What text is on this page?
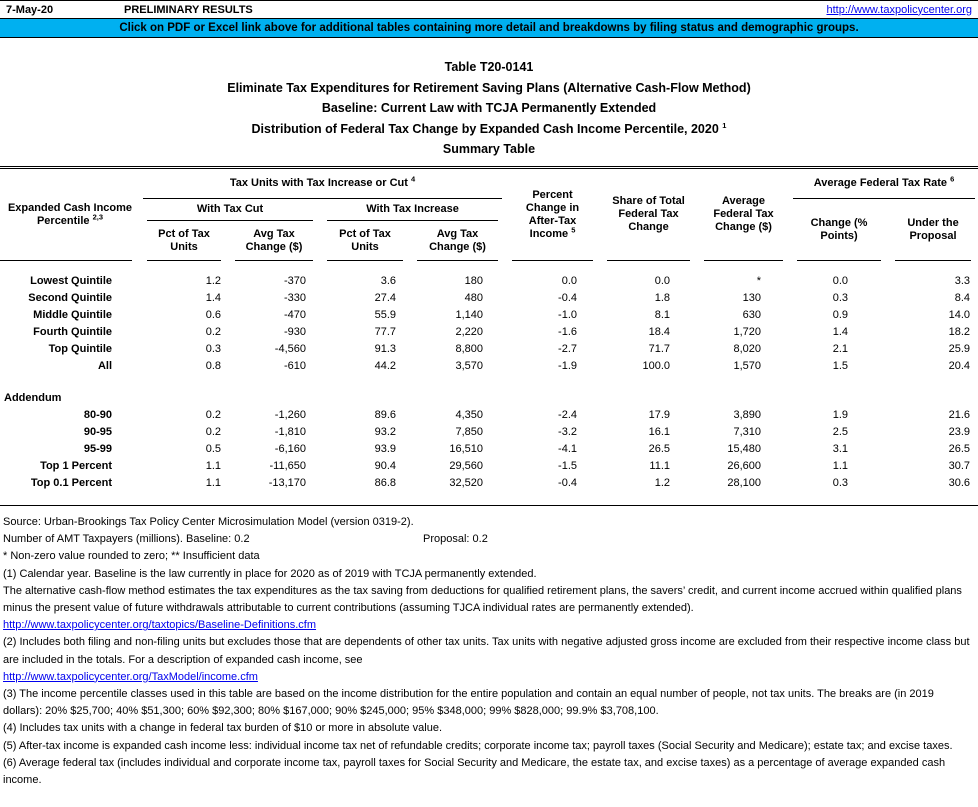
7-May-20	PRELIMINARY RESULTS	http://www.taxpolicycenter.org
Click on PDF or Excel link above for additional tables containing more detail and breakdowns by filing status and demographic groups.
Table T20-0141
Eliminate Tax Expenditures for Retirement Saving Plans (Alternative Cash-Flow Method)
Baseline: Current Law with TCJA Permanently Extended
Distribution of Federal Tax Change by Expanded Cash Income Percentile, 2020 $^1$
Summary Table
Expanded Cash Income Percentile $^{2,3}$	Tax Units with Tax Increase or Cut $^4$				Percent Change in After-Tax Income $^5$	Share of Total Federal Tax Change	Average Federal Tax Change ($)	Average Federal Tax Rate $^6$
	With Tax Cut		With Tax Increase					Change (% Points)	Under the Proposal
	Pct of Tax Units	Avg Tax Change ($)	Pct of Tax Units	Avg Tax Change ($)					
Lowest Quintile	1.2	-370	3.6	180	0.0	0.0	*	0.0	3.3
Second Quintile	1.4	-330	27.4	480	-0.4	1.8	130	0.3	8.4
Middle Quintile	0.6	-470	55.9	1,140	-1.0	8.1	630	0.9	14.0
Fourth Quintile	0.2	-930	77.7	2,220	-1.6	18.4	1,720	1.4	18.2
Top Quintile	0.3	-4,560	91.3	8,800	-2.7	71.7	8,020	2.1	25.9
All	0.8	-610	44.2	3,570	-1.9	100.0	1,570	1.5	20.4

Addendum									
80-90	0.2	-1,260	89.6	4,350	-2.4	17.9	3,890	1.9	21.6
90-95	0.2	-1,810	93.2	7,850	-3.2	16.1	7,310	2.5	23.9
95-99	0.5	-6,160	93.9	16,510	-4.1	26.5	15,480	3.1	26.5
Top 1 Percent	1.1	-11,650	90.4	29,560	-1.5	11.1	26,600	1.1	30.7
Top 0.1 Percent	1.1	-13,170	86.8	32,520	-0.4	1.2	28,100	0.3	30.6

Source: Urban-Brookings Tax Policy Center Microsimulation Model (version 0319-2).
Number of AMT Taxpayers (millions). Baseline: 0.2	Proposal: 0.2
* Non-zero value rounded to zero; ** Insufficient data
(1) Calendar year. Baseline is the law currently in place for 2020 as of 2019 with TCJA permanently extended.
The alternative cash-flow method estimates the tax expenditures as the tax saving from deductions for qualified retirement plans, the savers’ credit, and current income accrued within qualified plans minus the present value of future withdrawals attributable to current contributions (assuming TJCA individual rates are permanently extended).
http://www.taxpolicycenter.org/taxtopics/Baseline-Definitions.cfm
(2) Includes both filing and non-filing units but excludes those that are dependents of other tax units. Tax units with negative adjusted gross income are excluded from their respective income class but are included in the totals. For a description of expanded cash income, see
http://www.taxpolicycenter.org/TaxModel/income.cfm
(3) The income percentile classes used in this table are based on the income distribution for the entire population and contain an equal number of people, not tax units. The breaks are (in 2019 dollars): 20% $25,700; 40% $51,300; 60% $92,300; 80% $167,000; 90% $245,000; 95% $348,000; 99% $828,000; 99.9% $3,708,100.
(4) Includes tax units with a change in federal tax burden of $10 or more in absolute value.
(5) After-tax income is expanded cash income less: individual income tax net of refundable credits; corporate income tax; payroll taxes (Social Security and Medicare); estate tax; and excise taxes.
(6) Average federal tax (includes individual and corporate income tax, payroll taxes for Social Security and Medicare, the estate tax, and excise taxes) as a percentage of average expanded cash income.
